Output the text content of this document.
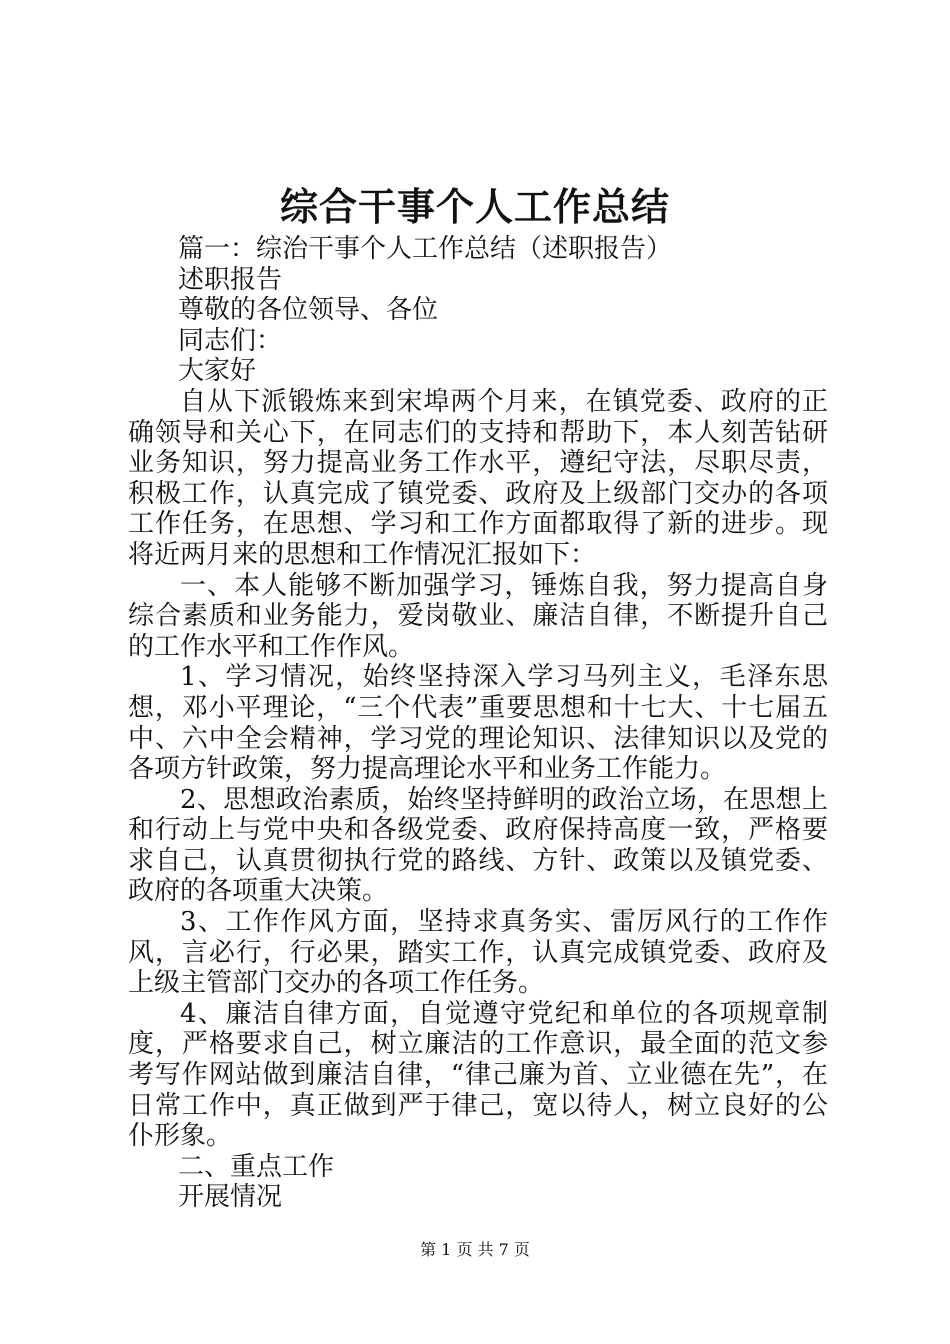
综合干事个人工作总结

篇一：综治干事个人工作总结（述职报告）

述职报告

尊敬的各位领导、各位

同志们：

大家好

自从下派锻炼来到宋埠两个月来，在镇党委、政府的正确领导和关心下，在同志们的支持和帮助下，本人刻苦钻研业务知识，努力提高业务工作水平，遵纪守法，尽职尽责，积极工作，认真完成了镇党委、政府及上级部门交办的各项工作任务，在思想、学习和工作方面都取得了新的进步。现将近两月来的思想和工作情况汇报如下：

一、本人能够不断加强学习，锤炼自我，努力提高自身综合素质和业务能力，爱岗敬业、廉洁自律，不断提升自己的工作水平和工作作风。

1、学习情况，始终坚持深入学习马列主义，毛泽东思想，邓小平理论，“三个代表”重要思想和十七大、十七届五中、六中全会精神，学习党的理论知识、法律知识以及党的各项方针政策，努力提高理论水平和业务工作能力。

2、思想政治素质，始终坚持鲜明的政治立场，在思想上和行动上与党中央和各级党委、政府保持高度一致，严格要求自己，认真贯彻执行党的路线、方针、政策以及镇党委、政府的各项重大决策。

3、工作作风方面，坚持求真务实、雷厉风行的工作作风，言必行，行必果，踏实工作，认真完成镇党委、政府及上级主管部门交办的各项工作任务。

4、廉洁自律方面，自觉遵守党纪和单位的各项规章制度，严格要求自己，树立廉洁的工作意识，最全面的范文参考写作网站做到廉洁自律，“律己廉为首、立业德在先”，在日常工作中，真正做到严于律己，宽以待人，树立良好的公仆形象。

二、重点工作

开展情况

第 1 页 共 7 页
